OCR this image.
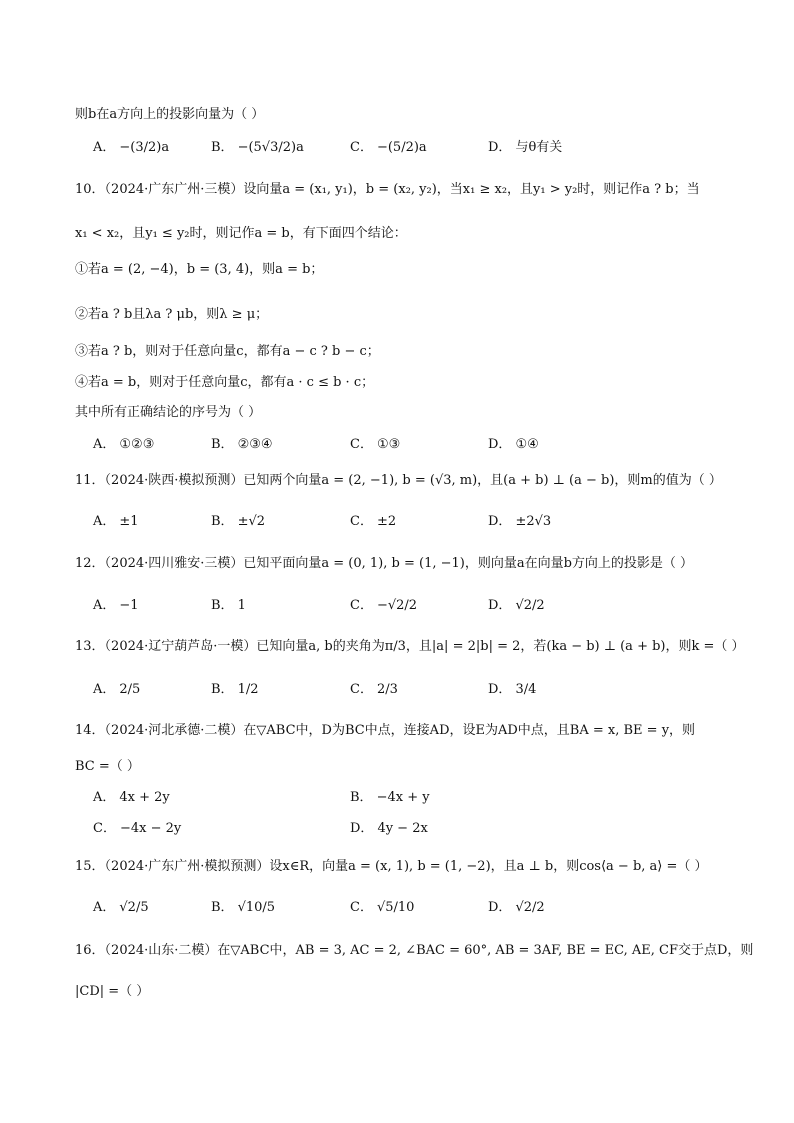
则b在a方向上的投影向量为（ ）
A． −(3/2)a	B． −(5√3/2)a	C． −(5/2)a	D． 与θ有关
10．（2024·广东广州·三模）设向量a = (x₁, y₁)，b = (x₂, y₂)，当x₁ ≥ x₂，且y₁ > y₂时，则记作a ? b；当
x₁ < x₂，且y₁ ≤ y₂时，则记作a = b，有下面四个结论：
①若a = (2, −4)，b = (3, 4)，则a = b；
②若a ? b且λa ? μb，则λ ≥ μ；
③若a ? b，则对于任意向量c，都有a − c ? b − c；
④若a = b，则对于任意向量c，都有a · c ≤ b · c；
其中所有正确结论的序号为（ ）
A． ①②③	B． ②③④	C． ①③	D． ①④
11．（2024·陕西·模拟预测）已知两个向量a = (2, −1), b = (√3, m)，且(a + b) ⊥ (a − b)，则m的值为（ ）
A． ±1	B． ±√2	C． ±2	D． ±2√3
12．（2024·四川雅安·三模）已知平面向量a = (0, 1), b = (1, −1)，则向量a在向量b方向上的投影是（ ）
A． −1	B． 1	C． −√2/2	D． √2/2
13．（2024·辽宁葫芦岛·一模）已知向量a, b的夹角为π/3，且|a| = 2|b| = 2，若(ka − b) ⊥ (a + b)，则k =（ ）
A． 2/5	B． 1/2	C． 2/3	D． 3/4
14．（2024·河北承德·二模）在▽ABC中，D为BC中点，连接AD，设E为AD中点，且BA = x, BE = y，则
BC =（ ）
A． 4x + 2y	B． −4x + y
C． −4x − 2y	D． 4y − 2x
15．（2024·广东广州·模拟预测）设x∈R，向量a = (x, 1), b = (1, −2)，且a ⊥ b，则cos⟨a − b, a⟩ =（ ）
A． √2/5	B． √10/5	C． √5/10	D． √2/2
16．（2024·山东·二模）在▽ABC中，AB = 3, AC = 2, ∠BAC = 60°, AB = 3AF, BE = EC, AE, CF交于点D，则
|CD| =（ ）
